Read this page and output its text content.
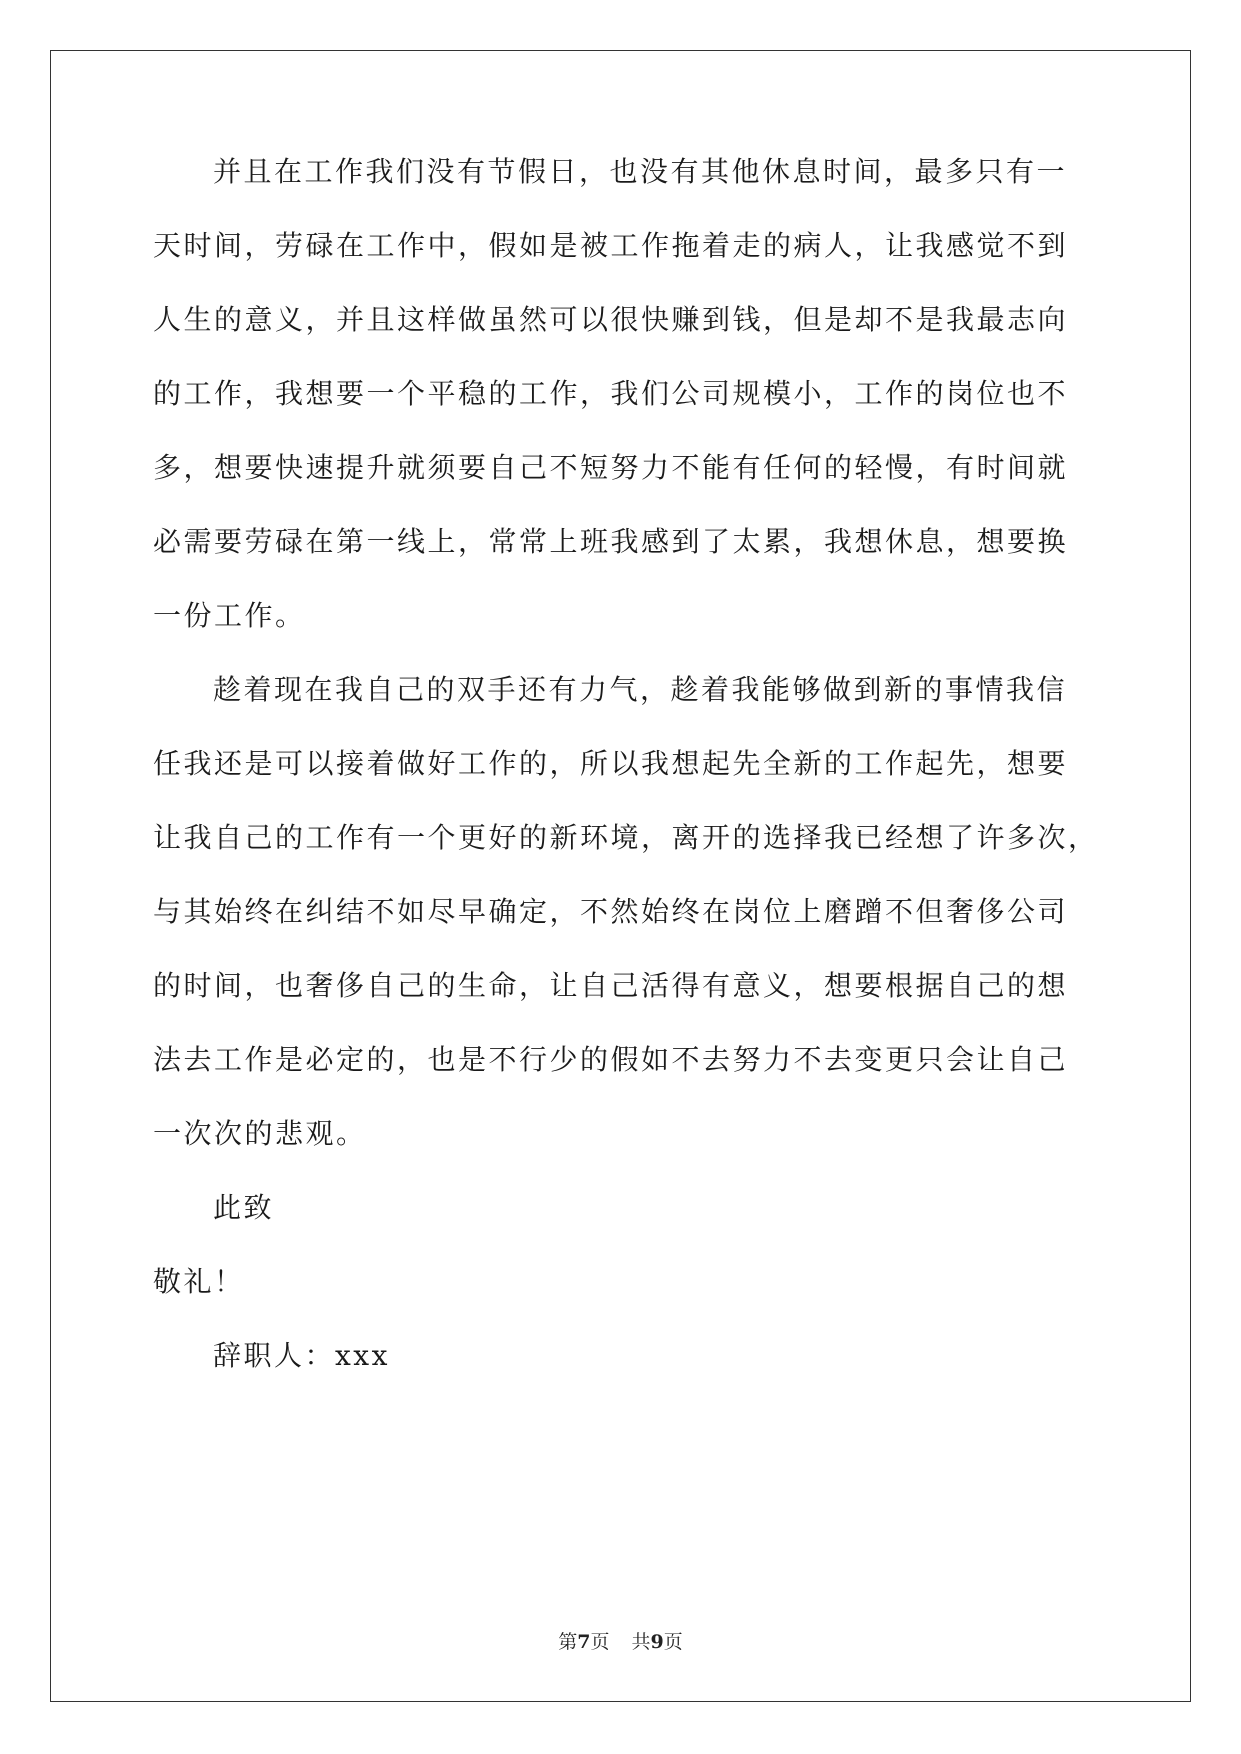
并且在工作我们没有节假日，也没有其他休息时间，最多只有一
天时间，劳碌在工作中，假如是被工作拖着走的病人，让我感觉不到
人生的意义，并且这样做虽然可以很快赚到钱，但是却不是我最志向
的工作，我想要一个平稳的工作，我们公司规模小，工作的岗位也不
多，想要快速提升就须要自己不短努力不能有任何的轻慢，有时间就
必需要劳碌在第一线上，常常上班我感到了太累，我想休息，想要换
一份工作。
趁着现在我自己的双手还有力气，趁着我能够做到新的事情我信
任我还是可以接着做好工作的，所以我想起先全新的工作起先，想要
让我自己的工作有一个更好的新环境，离开的选择我已经想了许多次，
与其始终在纠结不如尽早确定，不然始终在岗位上磨蹭不但奢侈公司
的时间，也奢侈自己的生命，让自己活得有意义，想要根据自己的想
法去工作是必定的，也是不行少的假如不去努力不去变更只会让自己
一次次的悲观。
此致
敬礼！
辞职人：xxx
第7页 共9页
